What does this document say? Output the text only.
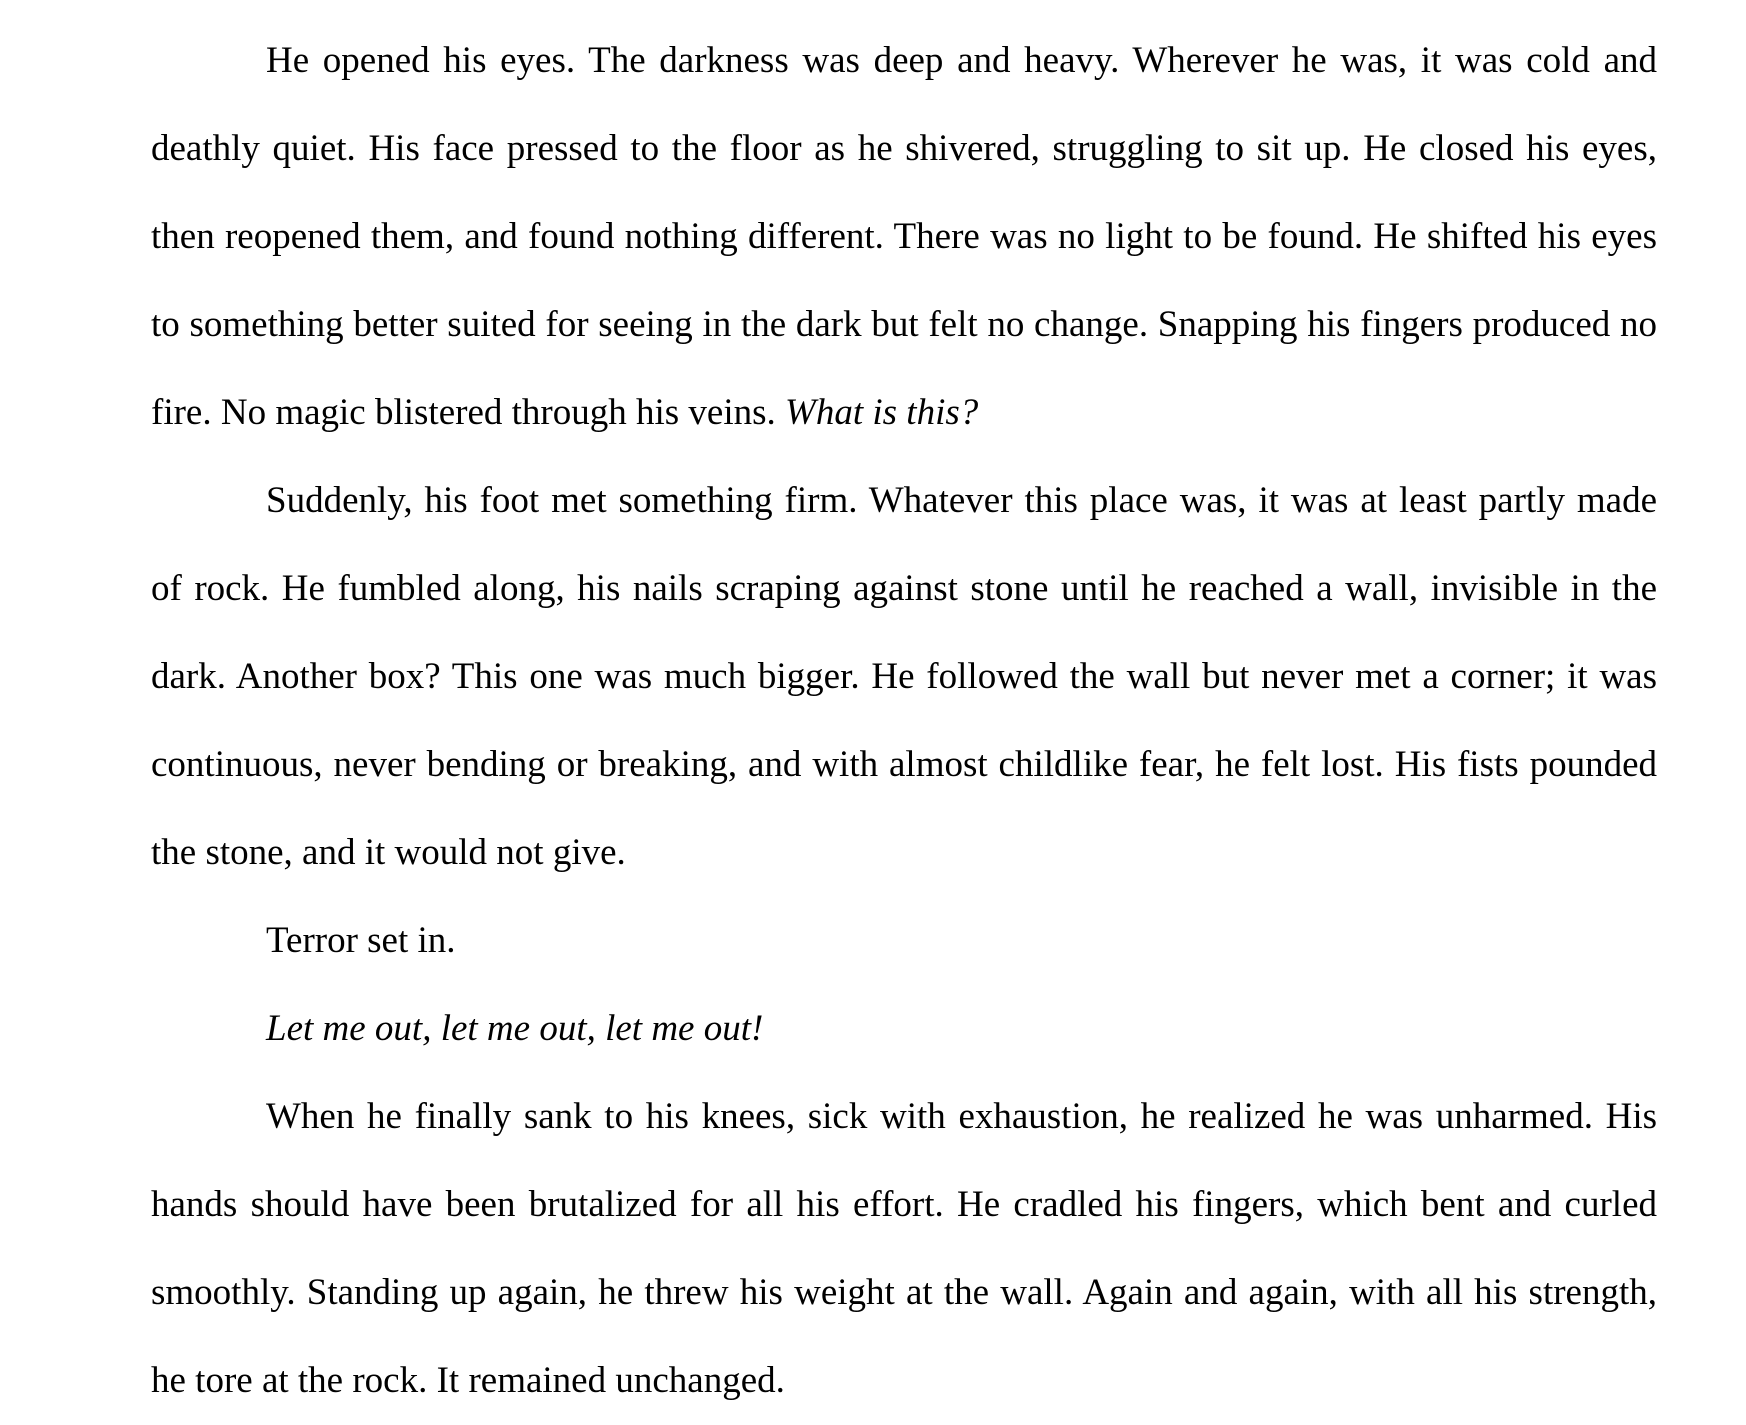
He opened his eyes. The darkness was deep and heavy. Wherever he was, it was cold and deathly quiet. His face pressed to the floor as he shivered, struggling to sit up. He closed his eyes, then reopened them, and found nothing different. There was no light to be found. He shifted his eyes to something better suited for seeing in the dark but felt no change. Snapping his fingers produced no fire. No magic blistered through his veins. What is this?

Suddenly, his foot met something firm. Whatever this place was, it was at least partly made of rock. He fumbled along, his nails scraping against stone until he reached a wall, invisible in the dark. Another box? This one was much bigger. He followed the wall but never met a corner; it was continuous, never bending or breaking, and with almost childlike fear, he felt lost. His fists pounded the stone, and it would not give.

Terror set in.

Let me out, let me out, let me out!

When he finally sank to his knees, sick with exhaustion, he realized he was unharmed. His hands should have been brutalized for all his effort. He cradled his fingers, which bent and curled smoothly. Standing up again, he threw his weight at the wall. Again and again, with all his strength, he tore at the rock. It remained unchanged.
